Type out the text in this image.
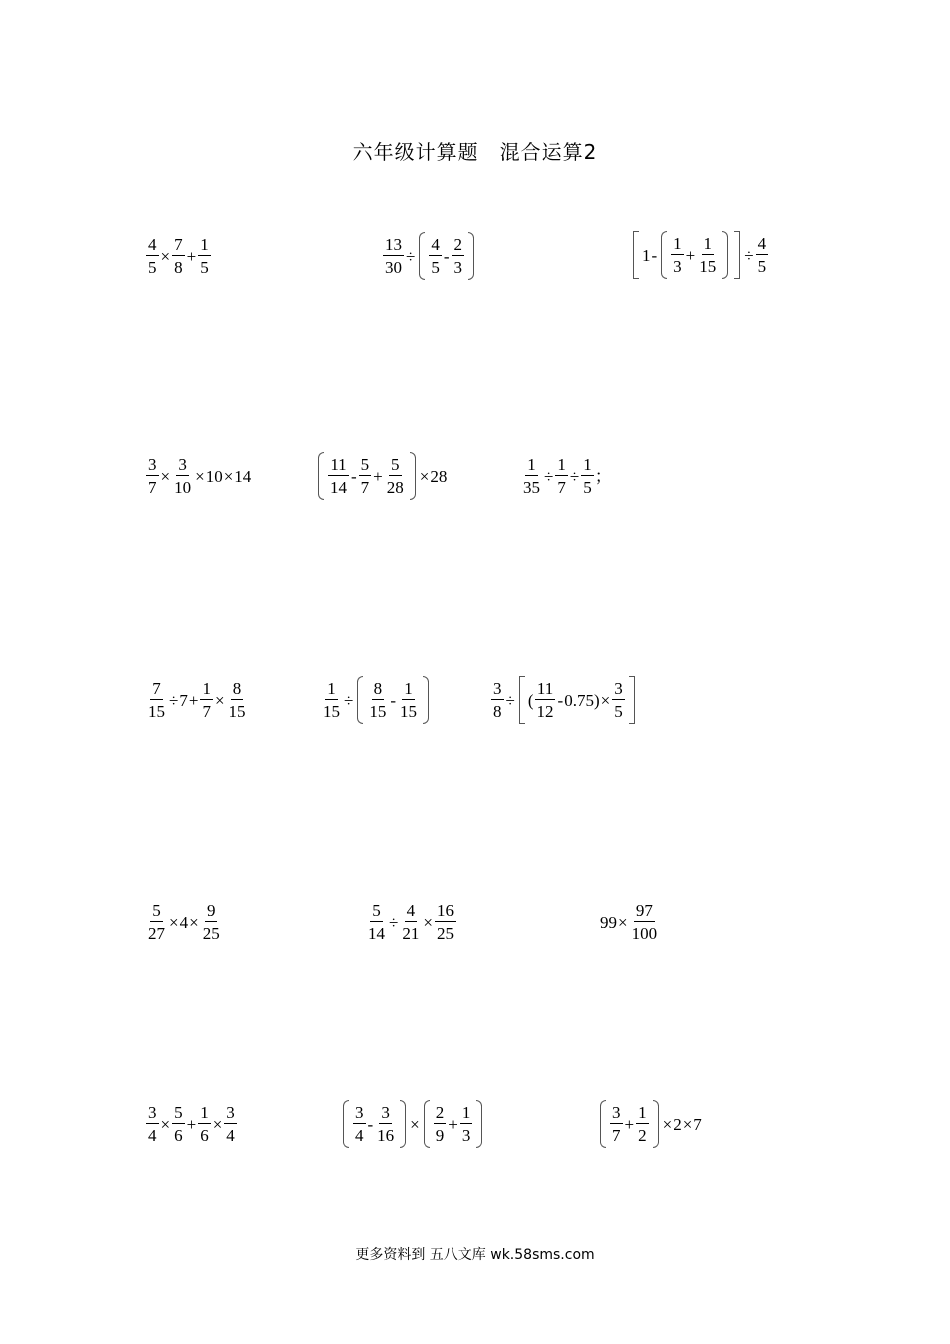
六年级计算题　混合运算2
$\frac{4}{5} \times \frac{7}{8} + \frac{1}{5}$	$\frac{13}{30} \div \frac{4}{5} - \frac{2}{3}$	$1 - \frac{1}{3} + \frac{1}{15} \div \frac{4}{5}$
$\frac{3}{7} \times \frac{3}{10} \times 10 \times 14$	$\frac{11}{14} - \frac{5}{7} + \frac{5}{28} \times 28$	$\frac{1}{35} \div \frac{1}{7} \div \frac{1}{5}$ ；
$\frac{7}{15} \div 7 + \frac{1}{7} \times \frac{8}{15}$	$\frac{1}{15} \div \frac{8}{15} - \frac{1}{15}$	$\frac{3}{8}$ ÷ ( $\frac{11}{12} - 0.75$ ) × $\frac{3}{5}$
$\frac{5}{27} \times 4 \times \frac{9}{25}$	$\frac{5}{14} \div \frac{4}{21} \times \frac{16}{25}$	$99 \times \frac{97}{100}$
$\frac{3}{4} \times \frac{5}{6} + \frac{1}{6} \times \frac{3}{4}$	$\frac{3}{4} - \frac{3}{16} \times \frac{2}{9} + \frac{1}{3}$	$\frac{3}{7} + \frac{1}{2} \times 2 \times 7$
更多资料到 五八文库 wk.58sms.com
